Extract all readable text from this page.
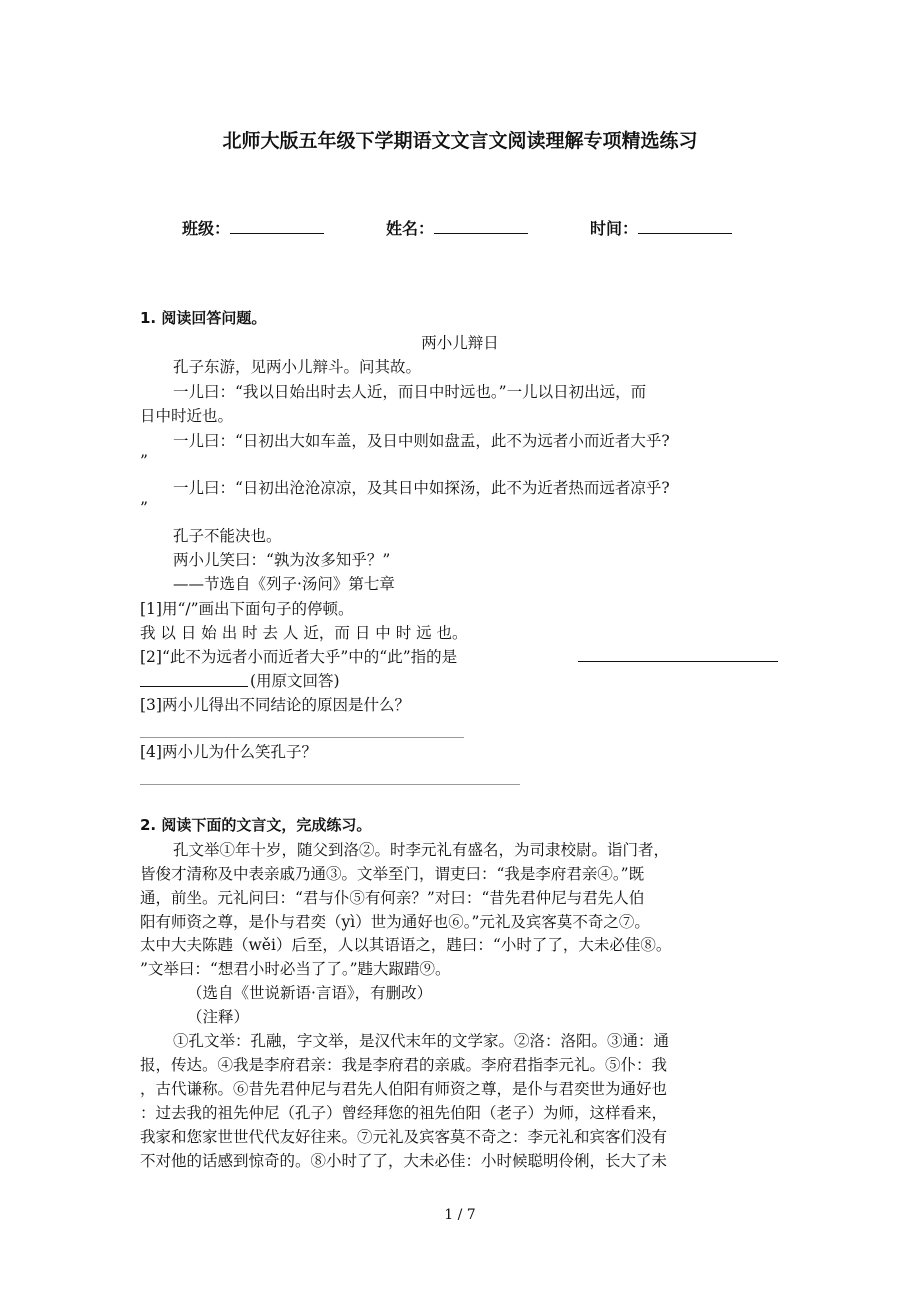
北师大版五年级下学期语文文言文阅读理解专项精选练习
班级：	姓名：	时间：
1. 阅读回答问题。
两小儿辩日
孔子东游，见两小儿辩斗。问其故。
一儿曰：“我以日始出时去人近，而日中时远也。”一儿以日初出远，而
日中时近也。
一儿曰：“日初出大如车盖，及日中则如盘盂，此不为远者小而近者大乎?
”
一儿曰：“日初出沧沧凉凉，及其日中如探汤，此不为近者热而远者凉乎?
”
孔子不能决也。
两小儿笑曰：“孰为汝多知乎？”
——节选自《列子·汤问》第七章
[1]用“/”画出下面句子的停顿。
我 以 日 始 出 时 去 人 近，而 日 中 时 远 也。
[2]“此不为远者小而近者大乎”中的“此”指的是
(用原文回答)
[3]两小儿得出不同结论的原因是什么？
[4]两小儿为什么笑孔子？
2. 阅读下面的文言文，完成练习。
孔文举①年十岁，随父到洛②。时李元礼有盛名，为司隶校尉。诣门者，
皆俊才清称及中表亲戚乃通③。文举至门，谓吏曰：“我是李府君亲④。”既
通，前坐。元礼问曰：“君与仆⑤有何亲？”对曰：“昔先君仲尼与君先人伯
阳有师资之尊，是仆与君奕（yì）世为通好也⑥。”元礼及宾客莫不奇之⑦。
太中大夫陈韪（wěi）后至，人以其语语之，韪曰：“小时了了，大未必佳⑧。
”文举曰：“想君小时必当了了。”韪大踧踖⑨。
（选自《世说新语·言语》，有删改）
（注释）
①孔文举：孔融，字文举，是汉代末年的文学家。②洛：洛阳。③通：通
报，传达。④我是李府君亲：我是李府君的亲戚。李府君指李元礼。⑤仆：我
，古代谦称。⑥昔先君仲尼与君先人伯阳有师资之尊，是仆与君奕世为通好也
：过去我的祖先仲尼（孔子）曾经拜您的祖先伯阳（老子）为师，这样看来，
我家和您家世世代代友好往来。⑦元礼及宾客莫不奇之：李元礼和宾客们没有
不对他的话感到惊奇的。⑧小时了了，大未必佳：小时候聪明伶俐，长大了未
1 / 7
